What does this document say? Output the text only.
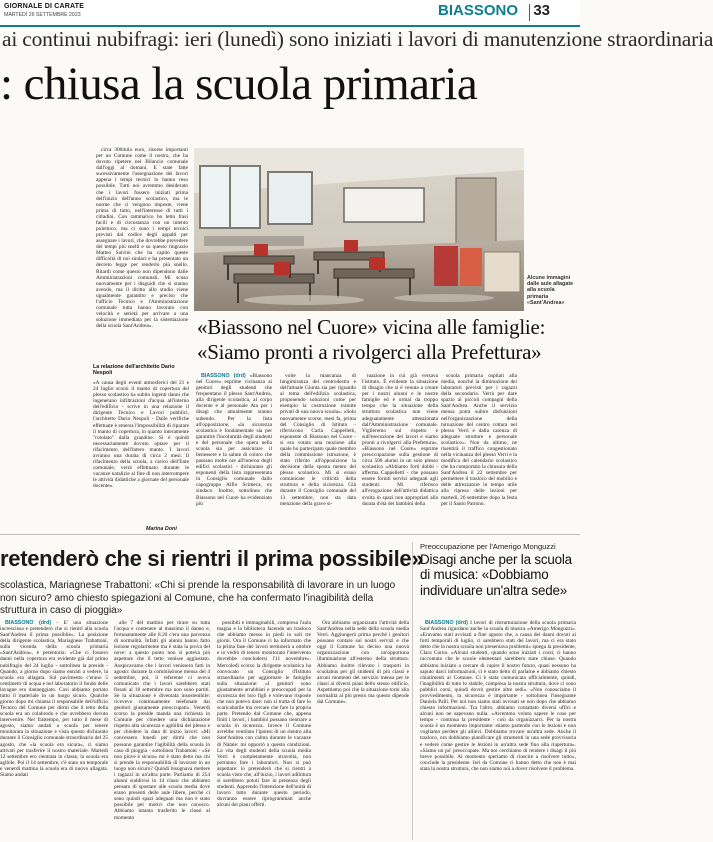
GIORNALE DI CARATE
MARTEDÌ 26 SETTEMBRE 2023	BIASSONO 33
ai continui nubifragi: ieri (lunedì) sono iniziati i lavori di manutenzione straordinaria
: chiusa la scuola primaria

circa 300mila euro, risorse importanti per un Comune come il nostro, che ha dovuto ripetere nel Bilancio comunale dall'oggi al domani. E state fatte sucessivamente l'assegnazione dei lavori appena i tempi tecnici lo hanno reso possibile. Tutti noi avremmo desiderato che i lavori fossero iniziati prima dell'inizio dell'anno scolastico, ma le norme che ci vengono imposte, viene prima di tutto, nell'interesse di tutti i cittadini. Con rammarico ho letto frasi facili e di circostanza con un intento polemico, ma ci sono i tempi tecnici previsti dal codice degli appalti per assegnare i lavori, che dovrebbe prevedere dei tempi più snelli e su questo ringrazio Matteo Salvini che ha capito queste difficoltà di noi sindaci e ha presentato un decreto legge per renderlo più snello. Ritardi come questo non dipendono dalle Amministrazioni comunali. Mi scuso nuovamente per i disguidi che si stanno avendo, ma il diritto allo studio viene ugualmente garantito e preciso che l'ufficio Tecnico e l'Amministrazione comunale tutta hanno lavorato con velocità e serietà per arrivare a una soluzione immediata per la sistemazione della scuola Sant'Andrea».

La relazione dell'architetto Dario Nespoli

«A causa degli eventi atmosferici del 21 e 24 luglio scorsi il manto di copertura del plesso scolastico ha subito ingenti danni che ingenerano infiltrazioni d'acqua all'interno dell'edificio - scrive in una relazione il dirigente Tecnico e Lavori pubblici, l'architetto Dario Nespoli - Dalle verifiche effettuate è emersa l'impossibilità di riparare il manto di copertura, in quanto interamente "rotolato" dalla grandine. Si è quindi necessariamente dovuto optare per il rifacimento dell'intero manto. I lavori avranno una durata di circa 2 mesi. Il rifacimento della scuola, a carico dell'Ente comunale, verrà effettuato durante le vacanze natalizie al fine di non interrompere le attività didattiche a giornate del personale docente».

Marina Doni
Alcune immagini dalle aule allagate alla scuola primaria «Sant'Andrea»
«Biassono nel Cuore» vicina alle famiglie: «Siamo pronti a rivolgerci alla Prefettura»

BIASSONO (drd) «Biassono nel Cuore» esprime vicinanza ai genitori degli studenti che frequentano il plesso Sant'Andrea, alla dirigente scolastica, al corpo docente e al personale Ata per i disagi che attualmente stanno subendo. Per la lista all'opposizione, «la sicurezza scolastica è fondamentale sia per garantire l'incolumità degli studenti e del personale che opera nella scuola sia per assicurare il benessere e la salute di coloro che passano molte ore all'interno degli edifici scolastici - dichiarano gli esponenti della lista rappresentata in Consiglio comunale dallo capogruppo Alfio Scimeca, ex sindaco. Inoltre, sottolinea che Biassono nel Cuore ha evidenziato più

volte la mancanza di lungimiranza del centrodestra e dell'attuale Giunta sia per riguardo al tema dell'edilizia scolastica, proponendo soluzioni come per esempio la costruzione tramite privati di una nuova scuola». «Solo nuovamente scorse, mesi fa, prima del Consiglio di Istituto - riferiscono Carla Cappelletti, esponente di Biassono nel Cuore - si era votata una mozione alla quale ho partecipato quale membro della commissione istruzione, è stato riferito all'opposizione la decisione della sposta mento del plesso scolastico. Mi si erano comunicate le criticità della struttura e della sicurezza. Già durante il Consiglio comunale del 13 settembre, non sta data menzione della grave si-

tuazione in cui già versava l'istituto. È evidente la situazione di disagio che si è venuta a creare per i nostri alunni e le nostre famiglie ed è ormai da troppo tempo che la situazione della struttura scolastica non viene adeguatamente attenzionata dall'Amministrazione comunale. Vigileremo sul rispetto e sull'esecuzione dei lavori e siamo pronti a rivolgerci alla Prefettura». «Biassono nel Cuore» esprime preoccupazione sulla gestione di circa 500 alunni in un solo plesso scolastico «Abbiamo forti dubbi - afferma Cappelletti - che possano essere forniti servizi adeguati agli studenti. Mi riferisco all'erogazione dell'attività didattica svolta in spazi non appropriati alla durata d'età dei bambini della

scuola primaria ospitati alla media, nonché la diminuzione dei laboratori previsti per i ragazzi della secondaria. Verrà per dare spazio ai piccoli compagni della Sant'Andrea. Anche il servizio mensa potrà subire disfunzioni nell'organizzazione della turnazione del centro cottura nel plesso Verri e dalla carenza di adeguate strutture e personale scolastico». Non da ultimo, ne risentirà il traffico congestionato nella vicinanza del plesso Verri e la modifica del calendario scolastico che ha comportato la chiusura della Sant'Andrea il 22 settembre per permettere il trasloco del mobilio e delle attrezzature in tempo utile alla ripresa delle lezioni per martedì, 26 settembre dopo la festa per il Santo Patrono.

retenderò che si rientri il prima possibile»
scolastica, Mariagnese Trabattoni: «Chi si prende la responsabilità di lavorare in un luogo non sicuro? amo chiesto spiegazioni al Comune, che ha confermato l'inagibilità della struttura in caso di pioggia»

BIASSONO (drd) - E' una situazione incresciosa e pretenderò che si rientri alla scuola Sant'Andrea il prima possibile». La posizione della dirigente scolastica, Mariagnese Trabattoni, sulla vicenda della scuola primaria «Sant'Andrea», è perentoria: «Che ci fossero danni nella copertura era evidente già dal primo nubifragio del 24 luglio - sottolinea la preside - Quando, a giorno dopo siamo entrati a vedere, la scuola era allagata. Sul pavimento c'erano 5 centimetri di acqua e nel laboratorio il fondo delle lavagne era danneggiato. Così abbiamo portato tutto il materiale in un luogo sicuro. Qualche giorno dopo mi chiama il responsabile dell'ufficio Tecnico del Comune per dirmi che il tetto della scuola era un colabrodo e che avrebbero dovuto intervenire. Nel frattempo, per tutto il mese di agosto, siamo andati a scuola per tenere monitorata la situazione e vista questo dichiarato durante il Consiglio comunale straordinario del 25 agosto, che «la scuola era sicura», ci siamo attivati per trasferire il nostro materiale. Martedì 12 settembre ero rientrata in classe, la scuola era agibile. Poi il 14 settembre, c'è stato un temporale e venerdì mattina la scuola era di nuovo allagata. Siamo andati

alle 7 del mattino per tirare su tutta l'acqua e contenere al massimo il danno e, fortunatamente alle 8.20 c'era una parvenza di normalità. Infatti gli alunni hanno fatto lezione regolarmente ma è stata la prova del nove: a questo punto non si poteva più aspettare che il tetto venisse aggiustato. Auspicavamo che i lavori venissero fatti in agosto: durante la commissione mensa del 4 settembre, poi, il referente ci aveva comunicato che i lavori sarebbero stati fissati al 18 settembre ma non sono partiti. Se la situazione è diventata insostenibile: ricevevo continuamente telefonate dai genitori giustamente preoccupati». Venerdì scorso la preside manda una richiesta in Comune per chiedere una dichiarazione rispetto alla sicurezza e agibilità del plesso e per chiedere la data di inizio lavori: «Mi concessero lunedì per dirmi che non possono garantire l'agibilità della scuola in caso di pioggia - sottolinea Trabattoni - «Se non piove è sicura» mi è stato detto ma chi si prende la responsabilità di lavorare in un luogo non sicuro? Quindi bisognava mettere i ragazzi in un'altra parte. Parliamo di 254 alunni suddivisi in 14 classi che abbiamo pensato di spostare alle scuola media dove erano presenti delle aule libere, perché ci sono quindi spazi adeguati ma non è stato possibile per motivi che non conosco. Abbiamo intanto trasferito le classi al momento

possibili e immaginabili, compresa l'aula magna e la biblioteca facendo un trasloco che abbiamo messo in piedi in soli tre giorni. Ora il Comune ci ha informato che la prima fase dei lavori terminerà a ottobre e io vedrò di tenere monitorato l'intervento dovrebbe concludersi l'11 novembre». Mercoledì scorso la dirigente scolastica ha convocato un Consiglio d'Istituto straordinario per aggiornare le famiglie sulla situazione: «I genitori sono giustamente arrabbiati e preoccupati per la sicurezza dei loro figli e volevano risposte che non potevo dare: non si tratta di fare lo scaricabarile ma cercare che fare la propria parte. Pretendo dal Comune che, appena finiti i lavori, i bambini possano rientrare a scuola in sicurezza. Invece il Comune avrebbe ventilato l'ipotesi di un rientro alla Sant'Andrea con calma durante le vacanze di Natale: mi opporrò a questo condizioni. La vita degli studenti della scuola media Verri è completamente stravolta, non potranno fare i laboratori. Non si può aspettare: io pretenderò che si rientri a scuola visto che, all'inizio, i lavori adibitura si sarebbero potuti fare in presenza degli studenti. Apprendo l'intenzione dell'unità di lavoro tutto durante questo periodo, dovranno essere riprogrammati anche alcuni dei piani offerti.

Ora abbiamo organizzato l'attività della Sant'Andrea nella sede della scuola media Verri. Aggiungerò prima perché i genitori possano contare sui nostri servizi e che oggi il Comune ha deciso una nuova organizzazione con un'opportuna illuminazione all'esterno della struttura. Abbiamo inoltre rilevato i trasporti in scuolabus per gli studenti di più classi e alcuni momenti del servizio mensa per le classi ai diversi piani dello stesso edificio. Aspettiamo poi che la situazione torni alla normalità al più presto ma questo dipende dal Comune».

Preoccupazione per l'Amerigo Monguzzi
Disagi anche per la scuola di musica: «Dobbiamo individuare un'altra sede»

BIASSONO (drd) I lavori di ristrutturazione della scuola primaria Sant'Andrea rigurdano anche la scuola di musica «Amerigo Monguzzi». «Eravamo stati avvisati a fine agosto che, a causa dei danni dovuti ai forti temporali di luglio, ci sarebbero stati dei lavori, ma ci era stato detto che la nostra scuola non presentava problemi» spiega la presidente, Clara Corno. «Alcuni studenti, quando sono iniziati i corsi, ci hanno raccontato che le scuole elementari sarebbero state chiuse. Quando abbiamo iniziato a cercare di capire il nostro futuro, quasi nessuno ha saputo darci informazioni, ci è stato detto di parlarne e abbiamo chiesto chiarimenti al Comune. Ci è stata comunicata ufficialmente, quindi, l'inagibilità di tutto lo stabile, compresa la nostra struttura, dove ci sono pubblici corsi, quindi dovrò gestire altre sedi». «Non conosciamo il provvedimento, la sicurezza è importante - sottolinea l'insegnante Daniela Palli. Per noi non siamo stati avvisati se non dopo che abbiamo chiesto informazioni. Tra l'altro, abbiamo contattato diversi uffici e alcuni non ne sapevano nulla. «Avremmo voluto sapere le cose per tempo - continua la presidente - così da organizzarci. Per la nostra scuola è un momento importante: stiamo partendo con le lezioni e non vogliamo perdere gli allievi. Dobbiamo trovare un'altra sede. Anche il trasloco, ora dobbiamo pianificare gli strumenti in una sede provvisoria e vedere come gestire le lezioni in un'altra sede fino alla riapertura». «Siamo un po' preoccupate. Ma noi cerchiamo di rendere i disagi il più breve possibile. Al momento speriamo di riuscire a risolvere tutto», conclude la presidente. Ieri da Comune ci hanno detto che non è mai stata la nostra struttura, che non siamo noi a dover risolvere il problema.
